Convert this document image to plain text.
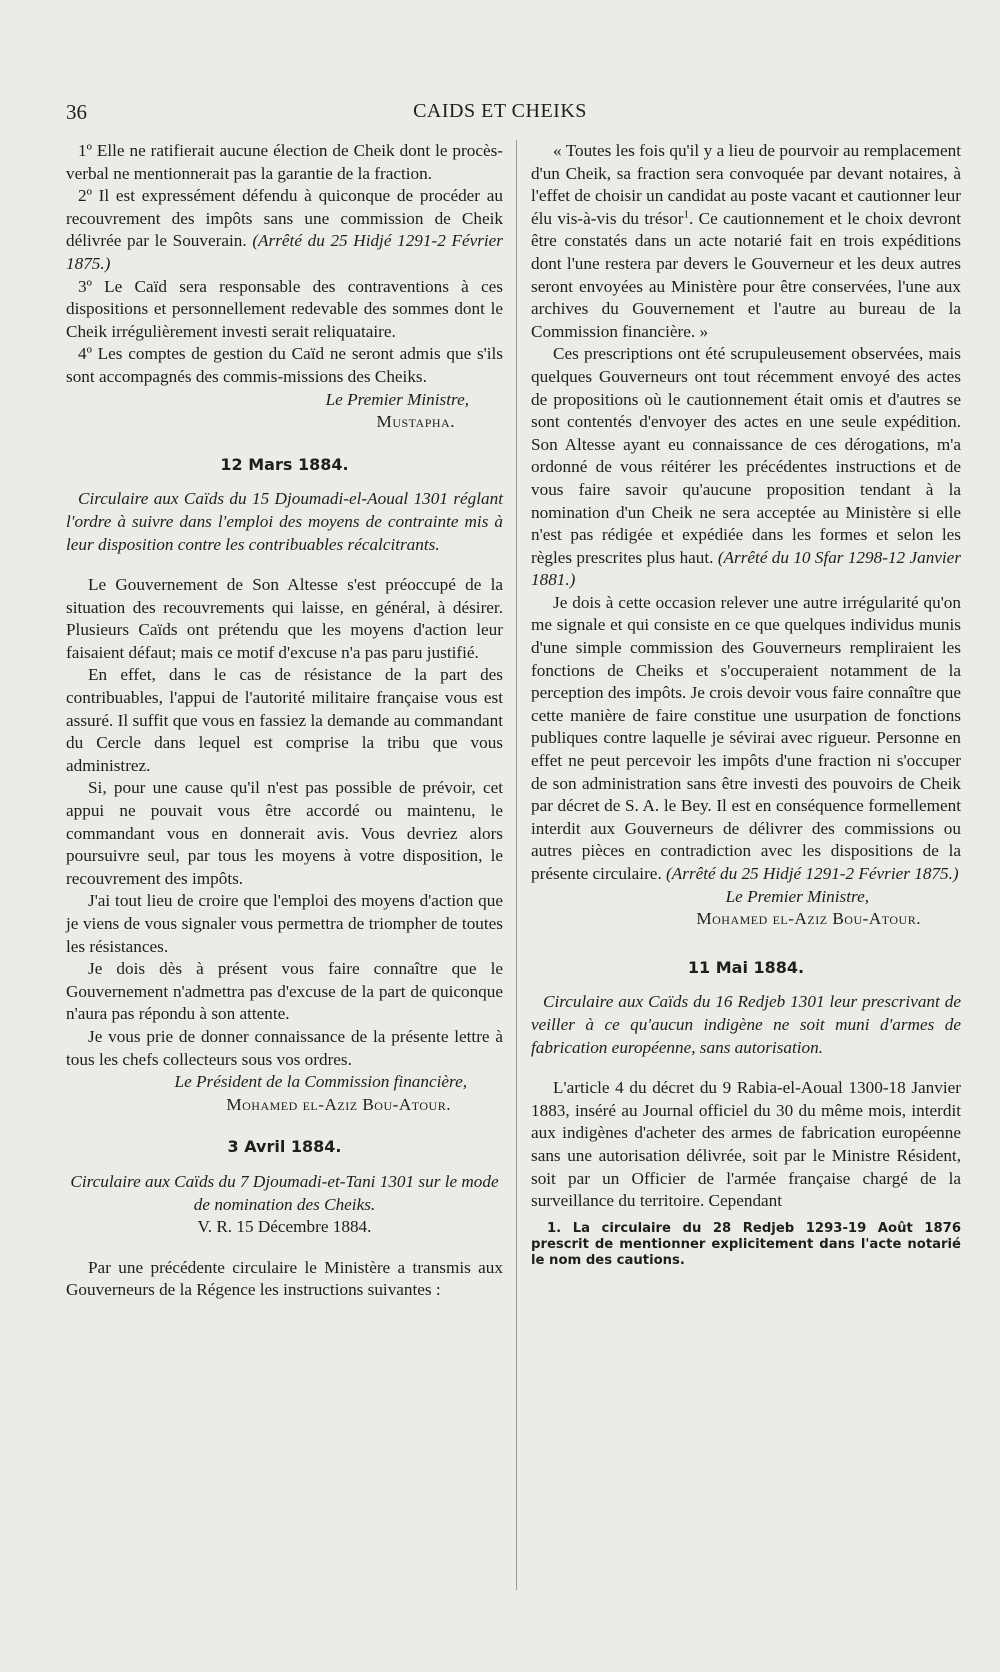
36	CAIDS ET CHEIKS

1º Elle ne ratifierait aucune élection de Cheik dont le procès-verbal ne mentionnerait pas la garantie de la fraction.

2º Il est expressément défendu à quiconque de procéder au recouvrement des impôts sans une commission de Cheik délivrée par le Souverain. (Arrêté du 25 Hidjé 1291-2 Février 1875.)

3º Le Caïd sera responsable des contraventions à ces dispositions et personnellement redevable des sommes dont le Cheik irrégulièrement investi serait reliquataire.

4º Les comptes de gestion du Caïd ne seront admis que s'ils sont accompagnés des commis-missions des Cheiks.

Le Premier Ministre,

Mustapha.

12 Mars 1884.

Circulaire aux Caïds du 15 Djoumadi-el-Aoual 1301 réglant l'ordre à suivre dans l'emploi des moyens de contrainte mis à leur disposition contre les contribuables récalcitrants.

Le Gouvernement de Son Altesse s'est préoccupé de la situation des recouvrements qui laisse, en général, à désirer. Plusieurs Caïds ont prétendu que les moyens d'action leur faisaient défaut; mais ce motif d'excuse n'a pas paru justifié.

En effet, dans le cas de résistance de la part des contribuables, l'appui de l'autorité militaire française vous est assuré. Il suffit que vous en fassiez la demande au commandant du Cercle dans lequel est comprise la tribu que vous administrez.

Si, pour une cause qu'il n'est pas possible de prévoir, cet appui ne pouvait vous être accordé ou maintenu, le commandant vous en donnerait avis. Vous devriez alors poursuivre seul, par tous les moyens à votre disposition, le recouvrement des impôts.

J'ai tout lieu de croire que l'emploi des moyens d'action que je viens de vous signaler vous permettra de triompher de toutes les résistances.

Je dois dès à présent vous faire connaître que le Gouvernement n'admettra pas d'excuse de la part de quiconque n'aura pas répondu à son attente.

Je vous prie de donner connaissance de la présente lettre à tous les chefs collecteurs sous vos ordres.

Le Président de la Commission financière,

Mohamed el-Aziz Bou-Atour.

3 Avril 1884.

Circulaire aux Caïds du 7 Djoumadi-et-Tani 1301 sur le mode de nomination des Cheiks.

V. R. 15 Décembre 1884.

Par une précédente circulaire le Ministère a transmis aux Gouverneurs de la Régence les instructions suivantes :

« Toutes les fois qu'il y a lieu de pourvoir au remplacement d'un Cheik, sa fraction sera convoquée par devant notaires, à l'effet de choisir un candidat au poste vacant et cautionner leur élu vis-à-vis du trésor$^1$. Ce cautionnement et le choix devront être constatés dans un acte notarié fait en trois expéditions dont l'une restera par devers le Gouverneur et les deux autres seront envoyées au Ministère pour être conservées, l'une aux archives du Gouvernement et l'autre au bureau de la Commission financière. »

Ces prescriptions ont été scrupuleusement observées, mais quelques Gouverneurs ont tout récemment envoyé des actes de propositions où le cautionnement était omis et d'autres se sont contentés d'envoyer des actes en une seule expédition. Son Altesse ayant eu connaissance de ces dérogations, m'a ordonné de vous réitérer les précédentes instructions et de vous faire savoir qu'aucune proposition tendant à la nomination d'un Cheik ne sera acceptée au Ministère si elle n'est pas rédigée et expédiée dans les formes et selon les règles prescrites plus haut. (Arrêté du 10 Sfar 1298-12 Janvier 1881.)

Je dois à cette occasion relever une autre irrégularité qu'on me signale et qui consiste en ce que quelques individus munis d'une simple commission des Gouverneurs rempliraient les fonctions de Cheiks et s'occuperaient notamment de la perception des impôts. Je crois devoir vous faire connaître que cette manière de faire constitue une usurpation de fonctions publiques contre laquelle je sévirai avec rigueur. Personne en effet ne peut percevoir les impôts d'une fraction ni s'occuper de son administration sans être investi des pouvoirs de Cheik par décret de S. A. le Bey. Il est en conséquence formellement interdit aux Gouverneurs de délivrer des commissions ou autres pièces en contradiction avec les dispositions de la présente circulaire. (Arrêté du 25 Hidjé 1291-2 Février 1875.)

Le Premier Ministre,

Mohamed el-Aziz Bou-Atour.

11 Mai 1884.

Circulaire aux Caïds du 16 Redjeb 1301 leur prescrivant de veiller à ce qu'aucun indigène ne soit muni d'armes de fabrication européenne, sans autorisation.

L'article 4 du décret du 9 Rabia-el-Aoual 1300-18 Janvier 1883, inséré au Journal officiel du 30 du même mois, interdit aux indigènes d'acheter des armes de fabrication européenne sans une autorisation délivrée, soit par le Ministre Résident, soit par un Officier de l'armée française chargé de la surveillance du territoire. Cependant

1. La circulaire du 28 Redjeb 1293-19 Août 1876 prescrit de mentionner explicitement dans l'acte notarié le nom des cautions.
